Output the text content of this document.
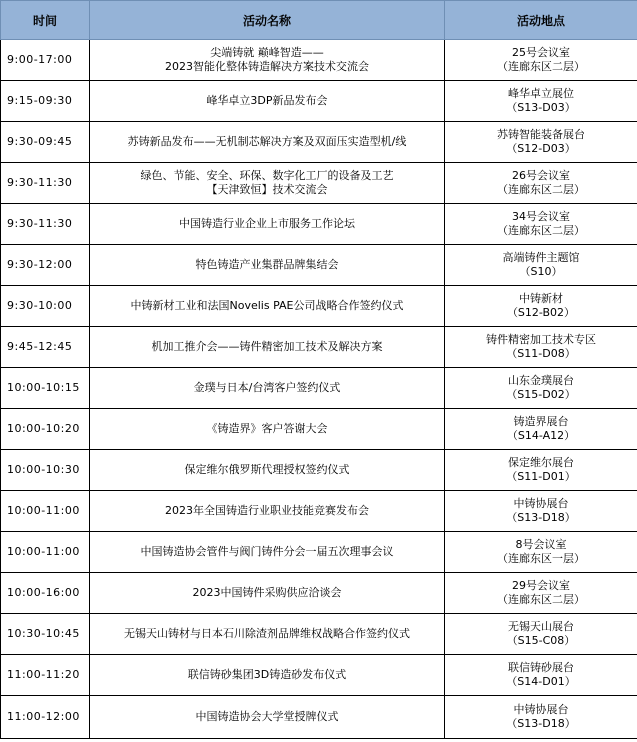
时间	活动名称	活动地点
9:00-17:00	尖端铸就 巅峰智造——
2023智能化整体铸造解决方案技术交流会	25号会议室
（连廊东区二层）
9:15-09:30	峰华卓立3DP新品发布会	峰华卓立展位
（S13-D03）
9:30-09:45	苏铸新品发布——无机制芯解决方案及双面压实造型机/线	苏铸智能装备展台
（S12-D03）
9:30-11:30	绿色、节能、安全、环保、数字化工厂的设备及工艺
【天津致恒】技术交流会	26号会议室
（连廊东区二层）
9:30-11:30	中国铸造行业企业上市服务工作论坛	34号会议室
（连廊东区二层）
9:30-12:00	特色铸造产业集群品牌集结会	高端铸件主题馆
（S10）
9:30-10:00	中铸新材工业和法国Novelis PAE公司战略合作签约仪式	中铸新材
（S12-B02）
9:45-12:45	机加工推介会——铸件精密加工技术及解决方案	铸件精密加工技术专区
（S11-D08）
10:00-10:15	金璞与日本/台湾客户签约仪式	山东金璞展台
（S15-D02）
10:00-10:20	《铸造界》客户答谢大会	铸造界展台
（S14-A12）
10:00-10:30	保定维尔俄罗斯代理授权签约仪式	保定维尔展台
（S11-D01）
10:00-11:00	2023年全国铸造行业职业技能竞赛发布会	中铸协展台
（S13-D18）
10:00-11:00	中国铸造协会管件与阀门铸件分会一届五次理事会议	8号会议室
（连廊东区一层）
10:00-16:00	2023中国铸件采购供应洽谈会	29号会议室
（连廊东区二层）
10:30-10:45	无锡天山铸材与日本石川除渣剂品牌维权战略合作签约仪式	无锡天山展台
（S15-C08）
11:00-11:20	联信铸砂集团3D铸造砂发布仪式	联信铸砂展台
（S14-D01）
11:00-12:00	中国铸造协会大学堂授牌仪式	中铸协展台
（S13-D18）
